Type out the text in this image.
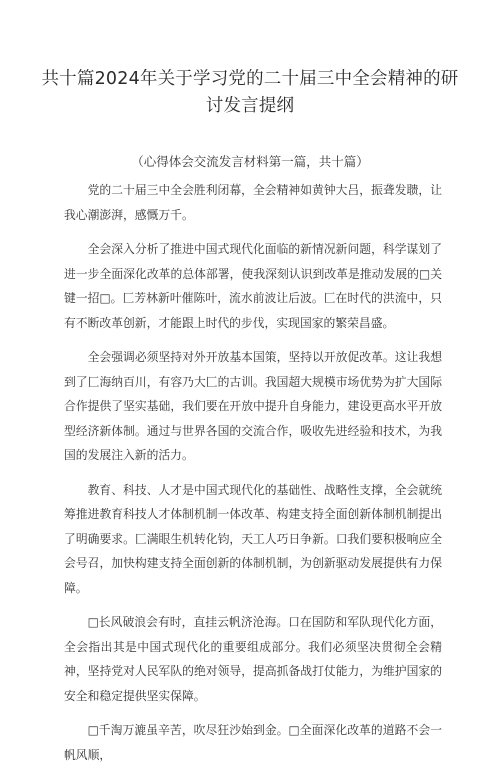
共十篇2024年关于学习党的二十届三中全会精神的研讨发言提纲
（心得体会交流发言材料第一篇，共十篇）

党的二十届三中全会胜利闭幕，全会精神如黄钟大吕，振聋发聩，让我心潮澎湃，感慨万千。

全会深入分析了推进中国式现代化面临的新情况新问题，科学谋划了进一步全面深化改革的总体部署，使我深刻认识到改革是推动发展的□关键一招□。匚芳林新叶催陈叶，流水前波让后波。匚在时代的洪流中，只有不断改革创新，才能跟上时代的步伐，实现国家的繁荣昌盛。

全会强调必须坚持对外开放基本国策，坚持以开放促改革。这让我想到了匚海纳百川，有容乃大匚的古训。我国超大规模市场优势为扩大国际合作提供了坚实基础，我们要在开放中提升自身能力，建设更高水平开放型经济新体制。通过与世界各国的交流合作，吸收先进经验和技术，为我国的发展注入新的活力。

教育、科技、人才是中国式现代化的基础性、战略性支撑，全会就统筹推进教育科技人才体制机制一体改革、构建支持全面创新体制机制提出了明确要求。匚满眼生机转化钧，天工人巧日争新。口我们要积极响应全会号召，加快构建支持全面创新的体制机制，为创新驱动发展提供有力保障。

□长风破浪会有时，直挂云帆济沧海。口在国防和军队现代化方面，全会指出其是中国式现代化的重要组成部分。我们必须坚决贯彻全会精神，坚持党对人民军队的绝对领导，提高抓备战打仗能力，为维护国家的安全和稳定提供坚实保障。

□千淘万漉虽辛苦，吹尽狂沙始到金。□全面深化改革的道路不会一帆风顺，
